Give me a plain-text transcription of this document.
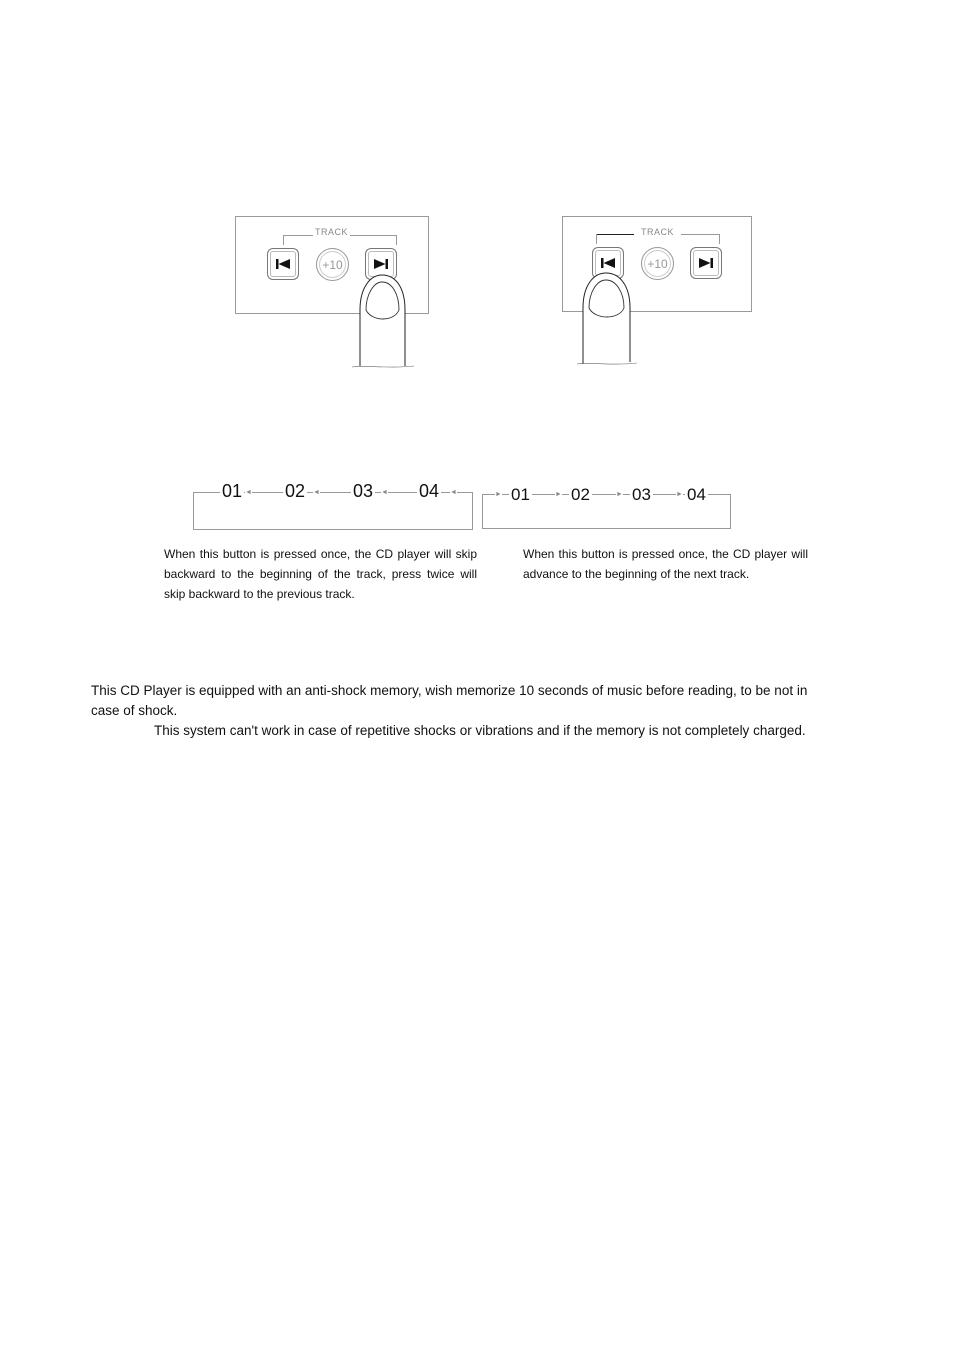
TRACK
+10
TRACK
+10
01 ◄ 02 ◄ 03 ◄ 04 ◄	► 01	► 02	► 03	► 04
When this button is pressed once, the CD player will skip backward to the beginning of the track, press twice will skip backward to the previous track.
When this button is pressed once, the CD player will advance to the beginning of the next track.
This CD Player is equipped with an anti-shock memory, wish memorize 10 seconds of music before reading, to be not in case of shock.
This system can't work in case of repetitive shocks or vibrations and if the memory is not completely charged.
